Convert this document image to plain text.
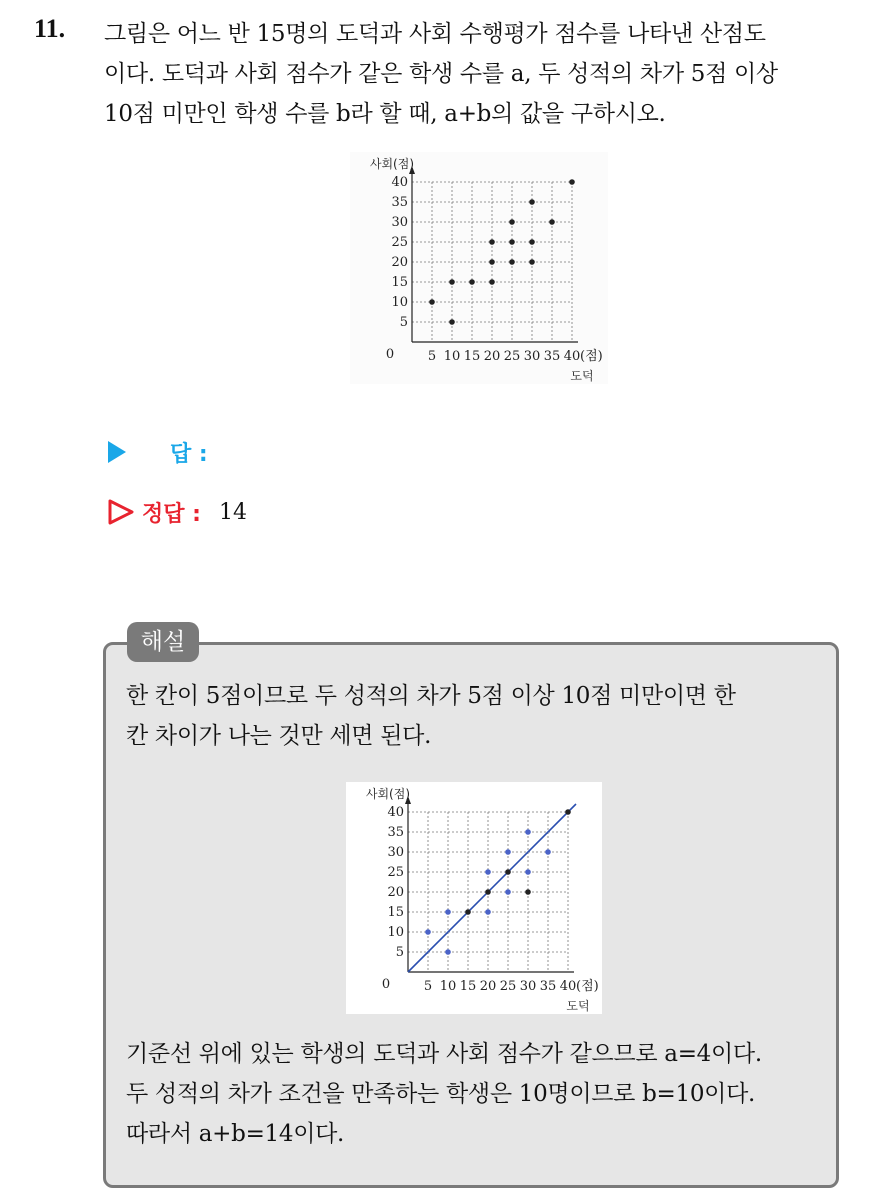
11. 그림은 어느 반 15명의 도덕과 사회 수행평가 점수를 나타낸 산점도
이다. 도덕과 사회 점수가 같은 학생 수를 a, 두 성적의 차가 5점 이상
10점 미만인 학생 수를 b라 할 때, a+b의 값을 구하시오.
5
10
15
20
25
30
35
40
5 10 15 20 25 30 35 40
0	(점)
도덕
사회(점)
답 :
정답 : 14
해설
한 칸이 5점이므로 두 성적의 차가 5점 이상 10점 미만이면 한
칸 차이가 나는 것만 세면 된다.
5
10
15
20
25
30
35
40
5 10 15 20 25 30 35 40
0	(점)
도덕
사회(점)
기준선 위에 있는 학생의 도덕과 사회 점수가 같으므로 a=4이다.
두 성적의 차가 조건을 만족하는 학생은 10명이므로 b=10이다.
따라서 a+b=14이다.
